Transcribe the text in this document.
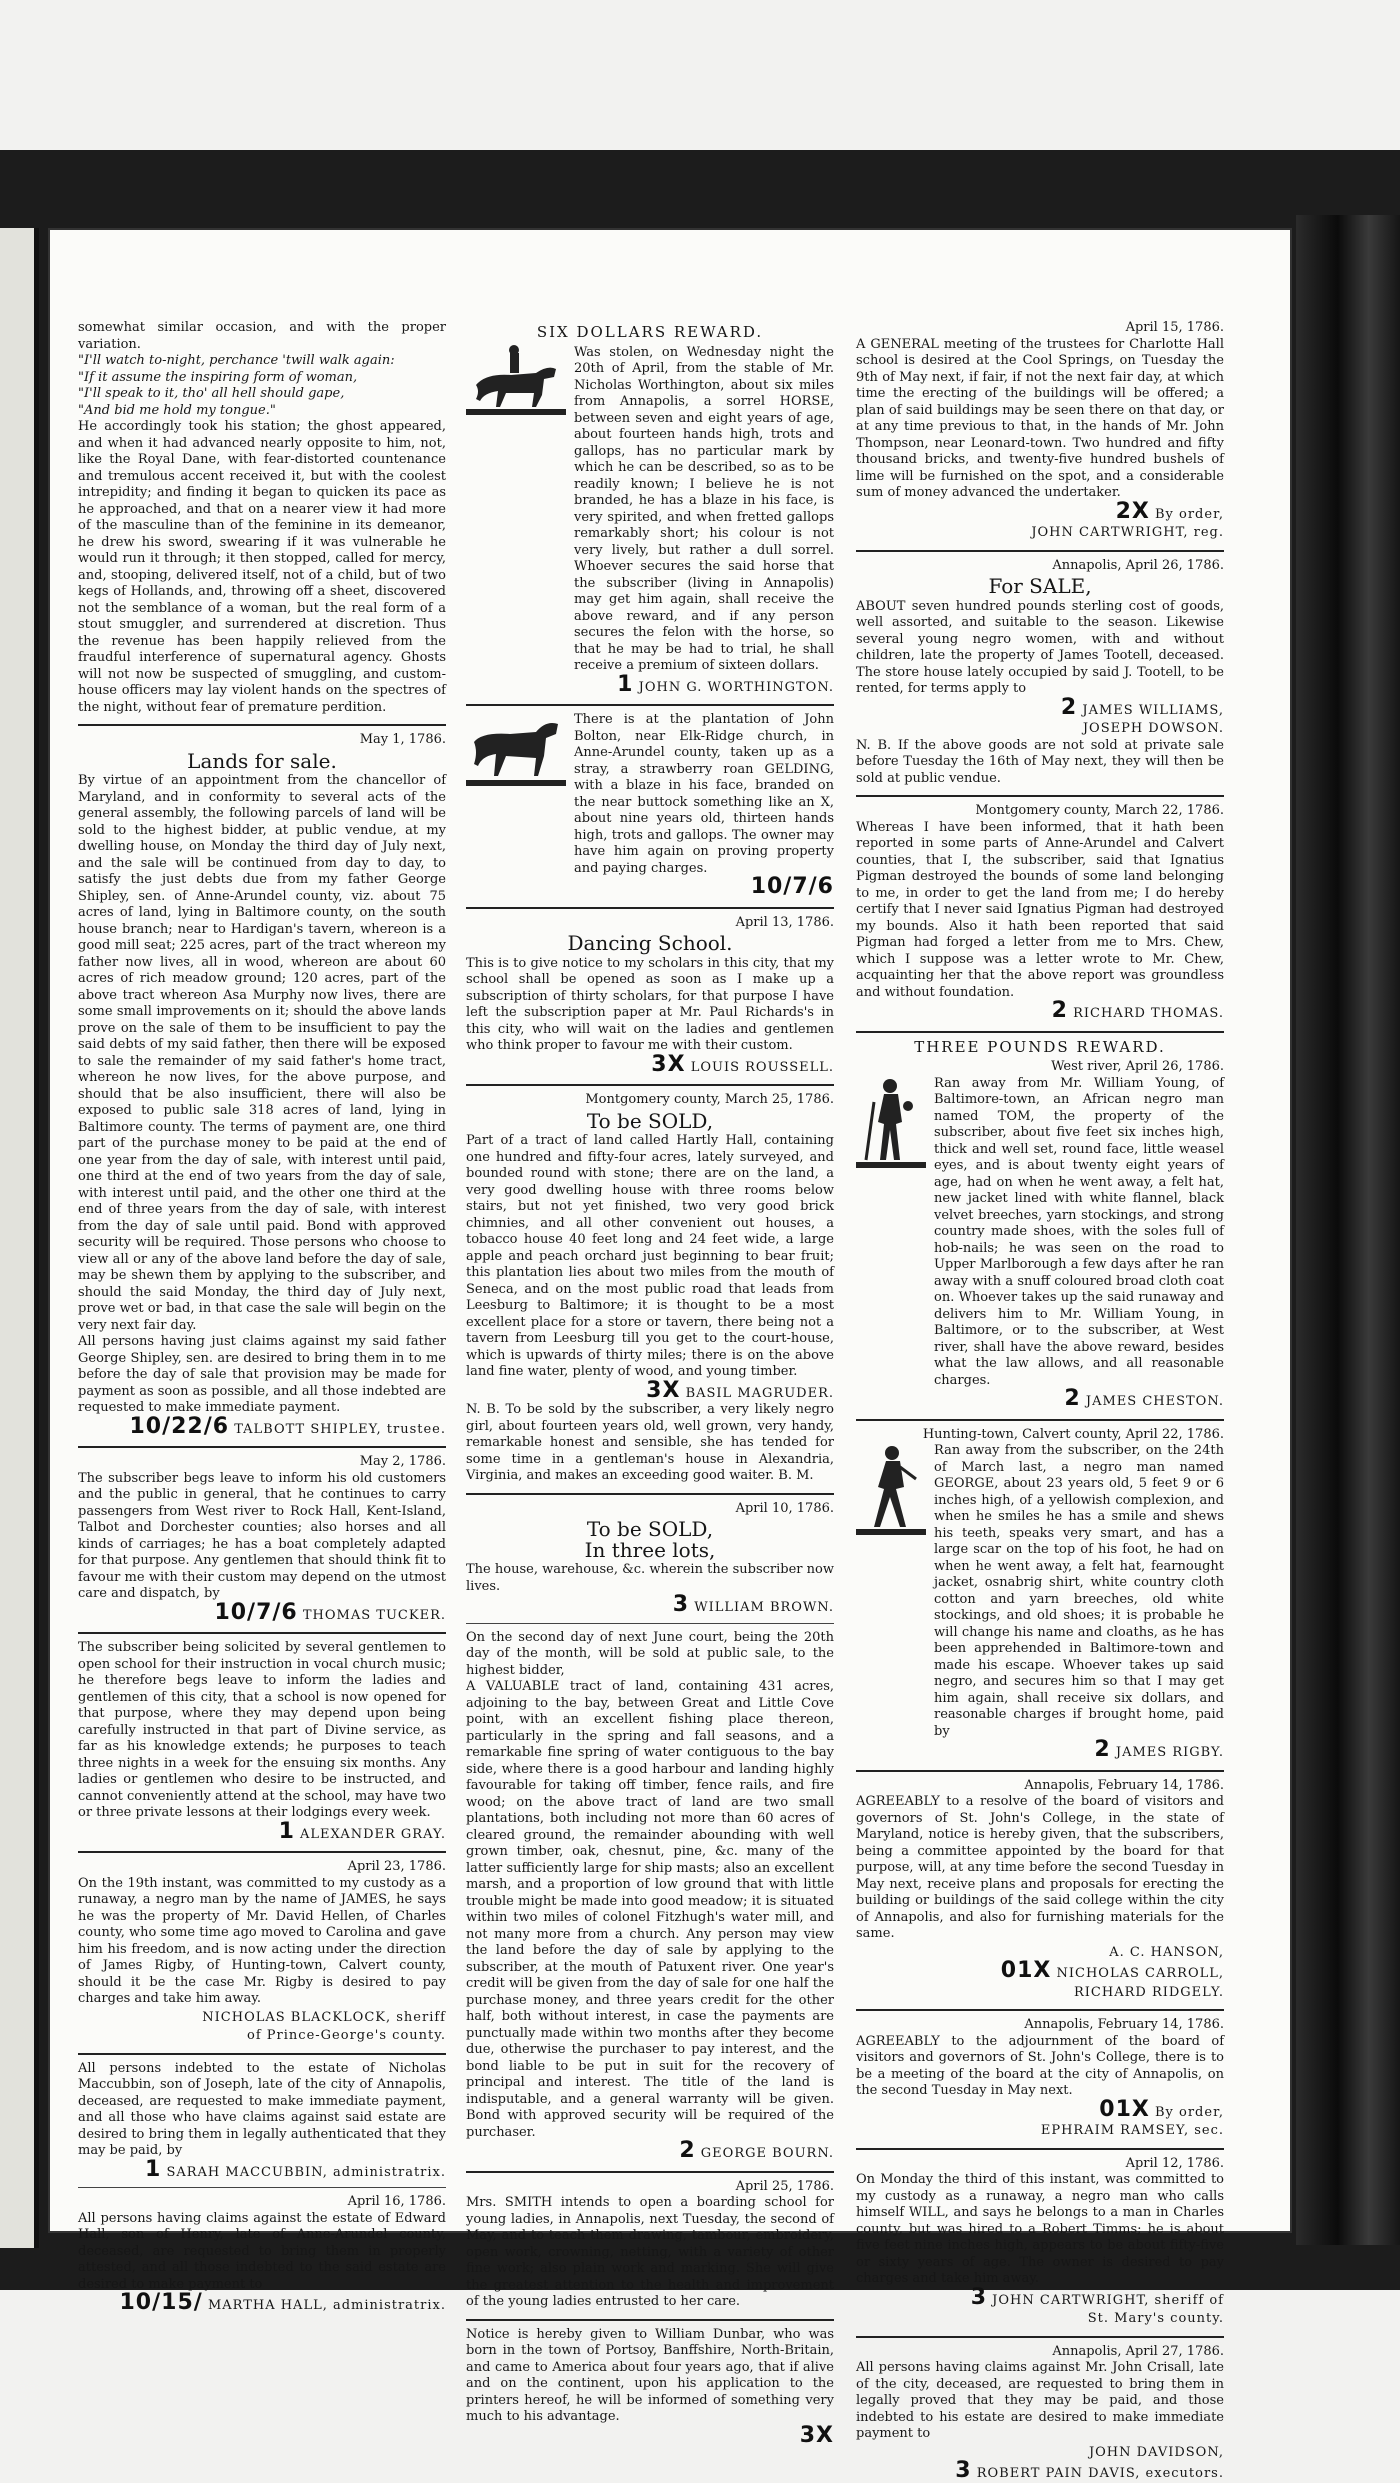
somewhat similar occasion, and with the proper variation.

"I'll watch to-night, perchance 'twill walk again:

"If it assume the inspiring form of woman,

"I'll speak to it, tho' all hell should gape,

"And bid me hold my tongue."

He accordingly took his station; the ghost appeared, and when it had advanced nearly opposite to him, not, like the Royal Dane, with fear-distorted countenance and tremulous accent received it, but with the coolest intrepidity; and finding it began to quicken its pace as he approached, and that on a nearer view it had more of the masculine than of the feminine in its demeanor, he drew his sword, swearing if it was vulnerable he would run it through; it then stopped, called for mercy, and, stooping, delivered itself, not of a child, but of two kegs of Hollands, and, throwing off a sheet, discovered not the semblance of a woman, but the real form of a stout smuggler, and surrendered at discretion. Thus the revenue has been happily relieved from the fraudful interference of supernatural agency. Ghosts will not now be suspected of smuggling, and custom-house officers may lay violent hands on the spectres of the night, without fear of premature perdition.

May 1, 1786.
Lands for sale.

By virtue of an appointment from the chancellor of Maryland, and in conformity to several acts of the general assembly, the following parcels of land will be sold to the highest bidder, at public vendue, at my dwelling house, on Monday the third day of July next, and the sale will be continued from day to day, to satisfy the just debts due from my father George Shipley, sen. of Anne-Arundel county, viz. about 75 acres of land, lying in Baltimore county, on the south house branch; near to Hardigan's tavern, whereon is a good mill seat; 225 acres, part of the tract whereon my father now lives, all in wood, whereon are about 60 acres of rich meadow ground; 120 acres, part of the above tract whereon Asa Murphy now lives, there are some small improvements on it; should the above lands prove on the sale of them to be insufficient to pay the said debts of my said father, then there will be exposed to sale the remainder of my said father's home tract, whereon he now lives, for the above purpose, and should that be also insufficient, there will also be exposed to public sale 318 acres of land, lying in Baltimore county. The terms of payment are, one third part of the purchase money to be paid at the end of one year from the day of sale, with interest until paid, one third at the end of two years from the day of sale, with interest until paid, and the other one third at the end of three years from the day of sale, with interest from the day of sale until paid. Bond with approved security will be required. Those persons who choose to view all or any of the above land before the day of sale, may be shewn them by applying to the subscriber, and should the said Monday, the third day of July next, prove wet or bad, in that case the sale will begin on the very next fair day.

All persons having just claims against my said father George Shipley, sen. are desired to bring them in to me before the day of sale that provision may be made for payment as soon as possible, and all those indebted are requested to make immediate payment.

10/22/6 TALBOTT SHIPLEY, trustee.
May 2, 1786.

The subscriber begs leave to inform his old customers and the public in general, that he continues to carry passengers from West river to Rock Hall, Kent-Island, Talbot and Dorchester counties; also horses and all kinds of carriages; he has a boat completely adapted for that purpose. Any gentlemen that should think fit to favour me with their custom may depend on the utmost care and dispatch, by

10/7/6 THOMAS TUCKER.

The subscriber being solicited by several gentlemen to open school for their instruction in vocal church music; he therefore begs leave to inform the ladies and gentlemen of this city, that a school is now opened for that purpose, where they may depend upon being carefully instructed in that part of Divine service, as far as his knowledge extends; he purposes to teach three nights in a week for the ensuing six months. Any ladies or gentlemen who desire to be instructed, and cannot conveniently attend at the school, may have two or three private lessons at their lodgings every week.

1 ALEXANDER GRAY.
April 23, 1786.

On the 19th instant, was committed to my custody as a runaway, a negro man by the name of JAMES, he says he was the property of Mr. David Hellen, of Charles county, who some time ago moved to Carolina and gave him his freedom, and is now acting under the direction of James Rigby, of Hunting-town, Calvert county, should it be the case Mr. Rigby is desired to pay charges and take him away.

NICHOLAS BLACKLOCK, sheriff
of Prince-George's county.

All persons indebted to the estate of Nicholas Maccubbin, son of Joseph, late of the city of Annapolis, deceased, are requested to make immediate payment, and all those who have claims against said estate are desired to bring them in legally authenticated that they may be paid, by

1 SARAH MACCUBBIN, administratrix.
April 16, 1786.

All persons having claims against the estate of Edward Hall, son of Henry, late of Anne-Arundel county, deceased, are requested to bring them in properly attested, and all those indebted to the said estate are desired to make payment to

10/15/ MARTHA HALL, administratrix.
SIX DOLLARS REWARD.

Was stolen, on Wednesday night the 20th of April, from the stable of Mr. Nicholas Worthington, about six miles from Annapolis, a sorrel HORSE, between seven and eight years of age, about fourteen hands high, trots and gallops, has no particular mark by which he can be described, so as to be readily known; I believe he is not branded, he has a blaze in his face, is very spirited, and when fretted gallops remarkably short; his colour is not very lively, but rather a dull sorrel. Whoever secures the said horse that the subscriber (living in Annapolis) may get him again, shall receive the above reward, and if any person secures the felon with the horse, so that he may be had to trial, he shall receive a premium of sixteen dollars.

1 JOHN G. WORTHINGTON.

There is at the plantation of John Bolton, near Elk-Ridge church, in Anne-Arundel county, taken up as a stray, a strawberry roan GELDING, with a blaze in his face, branded on the near buttock something like an X, about nine years old, thirteen hands high, trots and gallops. The owner may have him again on proving property and paying charges.

10/7/6
April 13, 1786.
Dancing School.

This is to give notice to my scholars in this city, that my school shall be opened as soon as I make up a subscription of thirty scholars, for that purpose I have left the subscription paper at Mr. Paul Richards's in this city, who will wait on the ladies and gentlemen who think proper to favour me with their custom.

3X LOUIS ROUSSELL.
Montgomery county, March 25, 1786.
To be SOLD,

Part of a tract of land called Hartly Hall, containing one hundred and fifty-four acres, lately surveyed, and bounded round with stone; there are on the land, a very good dwelling house with three rooms below stairs, but not yet finished, two very good brick chimnies, and all other convenient out houses, a tobacco house 40 feet long and 24 feet wide, a large apple and peach orchard just beginning to bear fruit; this plantation lies about two miles from the mouth of Seneca, and on the most public road that leads from Leesburg to Baltimore; it is thought to be a most excellent place for a store or tavern, there being not a tavern from Leesburg till you get to the court-house, which is upwards of thirty miles; there is on the above land fine water, plenty of wood, and young timber.

3X BASIL MAGRUDER.

N. B. To be sold by the subscriber, a very likely negro girl, about fourteen years old, well grown, very handy, remarkable honest and sensible, she has tended for some time in a gentleman's house in Alexandria, Virginia, and makes an exceeding good waiter. B. M.

April 10, 1786.
To be SOLD,
In three lots,

The house, warehouse, &c. wherein the subscriber now lives.

3 WILLIAM BROWN.

On the second day of next June court, being the 20th day of the month, will be sold at public sale, to the highest bidder,

A VALUABLE tract of land, containing 431 acres, adjoining to the bay, between Great and Little Cove point, with an excellent fishing place thereon, particularly in the spring and fall seasons, and a remarkable fine spring of water contiguous to the bay side, where there is a good harbour and landing highly favourable for taking off timber, fence rails, and fire wood; on the above tract of land are two small plantations, both including not more than 60 acres of cleared ground, the remainder abounding with well grown timber, oak, chesnut, pine, &c. many of the latter sufficiently large for ship masts; also an excellent marsh, and a proportion of low ground that with little trouble might be made into good meadow; it is situated within two miles of colonel Fitzhugh's water mill, and not many more from a church. Any person may view the land before the day of sale by applying to the subscriber, at the mouth of Patuxent river. One year's credit will be given from the day of sale for one half the purchase money, and three years credit for the other half, both without interest, in case the payments are punctually made within two months after they become due, otherwise the purchaser to pay interest, and the bond liable to be put in suit for the recovery of principal and interest. The title of the land is indisputable, and a general warranty will be given. Bond with approved security will be required of the purchaser.

2 GEORGE BOURN.
April 25, 1786.

Mrs. SMITH intends to open a boarding school for young ladies, in Annapolis, next Tuesday, the second of May, and to teach them drawing, tambour, embroidery, open work, crowning, netting, with a variety of other fine work; also plain work and marking. She will give the greatest attention to the health and improvement of the young ladies entrusted to her care.

Notice is hereby given to William Dunbar, who was born in the town of Portsoy, Banffshire, North-Britain, and came to America about four years ago, that if alive and on the continent, upon his application to the printers hereof, he will be informed of something very much to his advantage.

3X
April 15, 1786.

A GENERAL meeting of the trustees for Charlotte Hall school is desired at the Cool Springs, on Tuesday the 9th of May next, if fair, if not the next fair day, at which time the erecting of the buildings will be offered; a plan of said buildings may be seen there on that day, or at any time previous to that, in the hands of Mr. John Thompson, near Leonard-town. Two hundred and fifty thousand bricks, and twenty-five hundred bushels of lime will be furnished on the spot, and a considerable sum of money advanced the undertaker.

2X By order,
JOHN CARTWRIGHT, reg.
Annapolis, April 26, 1786.
For SALE,

ABOUT seven hundred pounds sterling cost of goods, well assorted, and suitable to the season. Likewise several young negro women, with and without children, late the property of James Tootell, deceased. The store house lately occupied by said J. Tootell, to be rented, for terms apply to

2 JAMES WILLIAMS,
JOSEPH DOWSON.

N. B. If the above goods are not sold at private sale before Tuesday the 16th of May next, they will then be sold at public vendue.

Montgomery county, March 22, 1786.

Whereas I have been informed, that it hath been reported in some parts of Anne-Arundel and Calvert counties, that I, the subscriber, said that Ignatius Pigman destroyed the bounds of some land belonging to me, in order to get the land from me; I do hereby certify that I never said Ignatius Pigman had destroyed my bounds. Also it hath been reported that said Pigman had forged a letter from me to Mrs. Chew, which I suppose was a letter wrote to Mr. Chew, acquainting her that the above report was groundless and without foundation.

2 RICHARD THOMAS.
THREE POUNDS REWARD.
West river, April 26, 1786.

Ran away from Mr. William Young, of Baltimore-town, an African negro man named TOM, the property of the subscriber, about five feet six inches high, thick and well set, round face, little weasel eyes, and is about twenty eight years of age, had on when he went away, a felt hat, new jacket lined with white flannel, black velvet breeches, yarn stockings, and strong country made shoes, with the soles full of hob-nails; he was seen on the road to Upper Marlborough a few days after he ran away with a snuff coloured broad cloth coat on. Whoever takes up the said runaway and delivers him to Mr. William Young, in Baltimore, or to the subscriber, at West river, shall have the above reward, besides what the law allows, and all reasonable charges.

2 JAMES CHESTON.
Hunting-town, Calvert county, April 22, 1786.

Ran away from the subscriber, on the 24th of March last, a negro man named GEORGE, about 23 years old, 5 feet 9 or 6 inches high, of a yellowish complexion, and when he smiles he has a smile and shews his teeth, speaks very smart, and has a large scar on the top of his foot, he had on when he went away, a felt hat, fearnought jacket, osnabrig shirt, white country cloth cotton and yarn breeches, old white stockings, and old shoes; it is probable he will change his name and cloaths, as he has been apprehended in Baltimore-town and made his escape. Whoever takes up said negro, and secures him so that I may get him again, shall receive six dollars, and reasonable charges if brought home, paid by

2 JAMES RIGBY.
Annapolis, February 14, 1786.

AGREEABLY to a resolve of the board of visitors and governors of St. John's College, in the state of Maryland, notice is hereby given, that the subscribers, being a committee appointed by the board for that purpose, will, at any time before the second Tuesday in May next, receive plans and proposals for erecting the building or buildings of the said college within the city of Annapolis, and also for furnishing materials for the same.

A. C. HANSON,
01X NICHOLAS CARROLL,
RICHARD RIDGELY.
Annapolis, February 14, 1786.

AGREEABLY to the adjournment of the board of visitors and governors of St. John's College, there is to be a meeting of the board at the city of Annapolis, on the second Tuesday in May next.

01X By order,
EPHRAIM RAMSEY, sec.
April 12, 1786.

On Monday the third of this instant, was committed to my custody as a runaway, a negro man who calls himself WILL, and says he belongs to a man in Charles county, but was hired to a Robert Timms; he is about five feet nine inches high, appears to be about fifty-five or sixty years of age. The owner is desired to pay charges and take him away.

3 JOHN CARTWRIGHT, sheriff of
St. Mary's county.
Annapolis, April 27, 1786.

All persons having claims against Mr. John Crisall, late of the city, deceased, are requested to bring them in legally proved that they may be paid, and those indebted to his estate are desired to make immediate payment to

JOHN DAVIDSON,
3 ROBERT PAIN DAVIS, executors.
